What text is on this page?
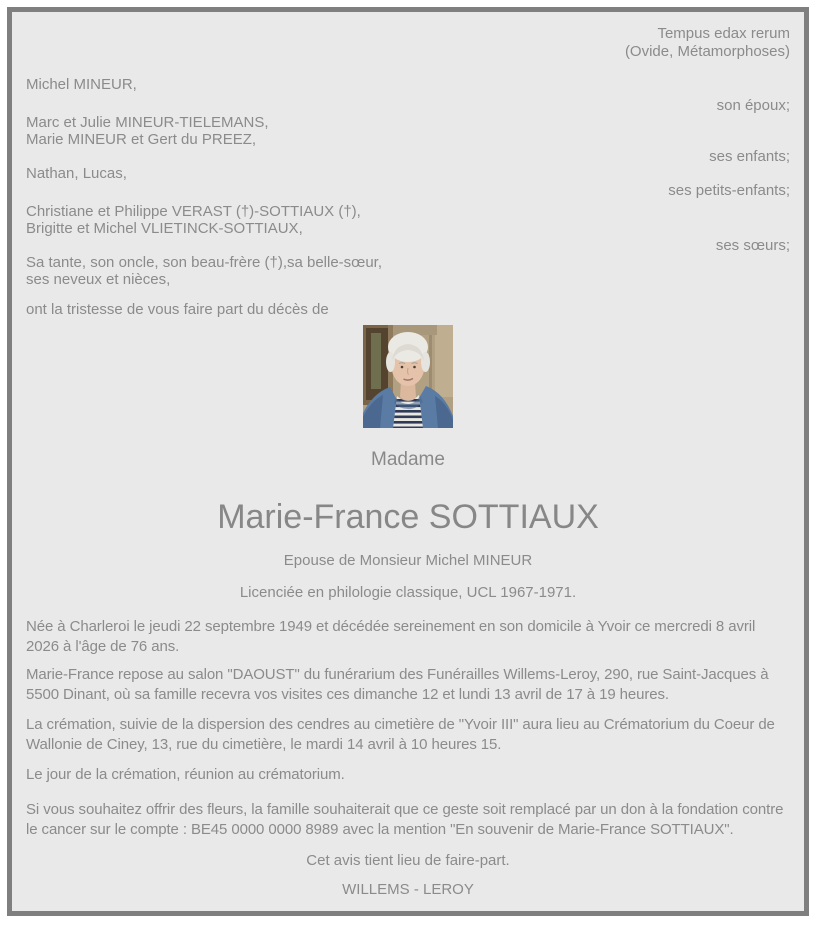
Tempus edax rerum
(Ovide, Métamorphoses)
Michel MINEUR,
son époux;
Marc et Julie MINEUR-TIELEMANS,
Marie MINEUR et Gert du PREEZ,
ses enfants;
Nathan, Lucas,
ses petits-enfants;
Christiane et Philippe VERAST (†)-SOTTIAUX (†),
Brigitte et Michel VLIETINCK-SOTTIAUX,
ses sœurs;
Sa tante, son oncle, son beau-frère (†),sa belle-sœur,
ses neveux et nièces,
ont la tristesse de vous faire part du décès de
Madame
Marie-France SOTTIAUX
Epouse de Monsieur Michel MINEUR
Licenciée en philologie classique, UCL 1967-1971.
Née à Charleroi le jeudi 22 septembre 1949 et décédée sereinement en son domicile à Yvoir ce mercredi 8 avril 2026 à l'âge de 76 ans.
Marie-France repose au salon "DAOUST" du funérarium des Funérailles Willems-Leroy, 290, rue Saint-Jacques à 5500 Dinant, où sa famille recevra vos visites ces dimanche 12 et lundi 13 avril de 17 à 19 heures.
La crémation, suivie de la dispersion des cendres au cimetière de "Yvoir III" aura lieu au Crématorium du Coeur de Wallonie de Ciney, 13, rue du cimetière, le mardi 14 avril à 10 heures 15.
Le jour de la crémation, réunion au crématorium.
Si vous souhaitez offrir des fleurs, la famille souhaiterait que ce geste soit remplacé par un don à la fondation contre le cancer sur le compte : BE45 0000 0000 8989 avec la mention "En souvenir de Marie-France SOTTIAUX".
Cet avis tient lieu de faire-part.
WILLEMS - LEROY
